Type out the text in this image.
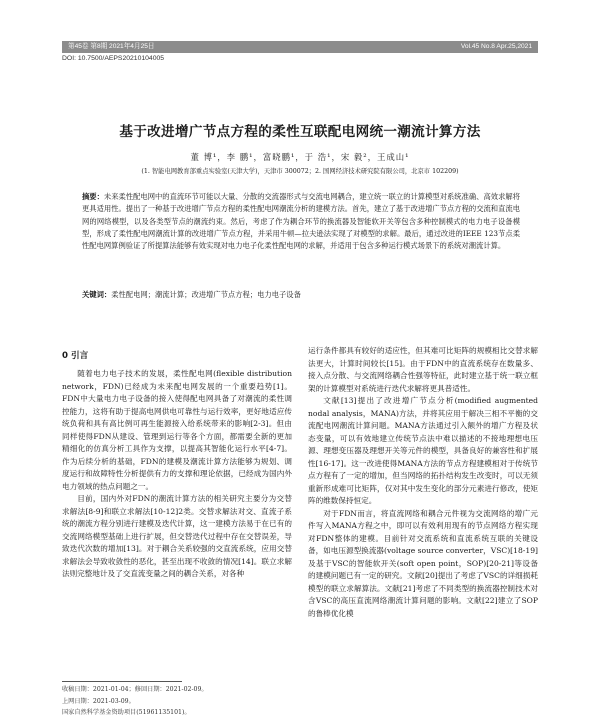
第45卷 第8期 2021年4月25日	Vol.45 No.8 Apr.25,2021
DOI: 10.7500/AEPS20210104005
基于改进增广节点方程的柔性互联配电网统一潮流计算方法
董 博¹，李 鹏¹，富晓鹏¹，于 浩¹，宋 毅²，王成山¹
(1. 智能电网教育部重点实验室(天津大学)，天津市 300072；2. 国网经济技术研究院有限公司，北京市 102209)
摘要：未来柔性配电网中的直流环节可能以大量、分散的交流器形式与交流电网耦合，建立统一联立的计算模型对系统准确、高效求解将更具适用性。提出了一种基于改进增广节点方程的柔性配电网潮流分析的建模方法。首先，建立了基于改进增广节点方程的交流和直流电网的网络模型，以及各类型节点的潮流约束。然后，考虑了作为耦合环节的换流器及智能软开关等包含多种控制模式的电力电子设备模型，形成了柔性配电网潮流计算的改进增广节点方程，并采用牛顿—拉夫逊法实现了对模型的求解。最后，通过改进的IEEE 123节点柔性配电网算例验证了所提算法能够有效实现对电力电子化柔性配电网的求解，并适用于包含多种运行模式场景下的系统对潮流计算。
关键词：柔性配电网；潮流计算；改进增广节点方程；电力电子设备
0 引言

随着电力电子技术的发展，柔性配电网(flexible distribution network，FDN)已经成为未来配电网发展的一个重要趋势[1]。FDN中大量电力电子设备的接入使得配电网具备了对潮流的柔性调控能力，这将有助于提高电网供电可靠性与运行效率，更好地适应传统负荷和具有高比例可再生能源接入给系统带来的影响[2-3]。但由同样使得FDN从建设、管理到运行等各个方面，都需要全新的更加精细化的仿真分析工具作为支撑，以提高其智能化运行水平[4-7]。作为后续分析的基础，FDN的建模及潮流计算方法能够为规划、调度运行和故障特性分析提供有力的支撑和理论依据，已经成为国内外电力领域的热点问题之一。

目前，国内外对FDN的潮流计算方法的相关研究主要分为交替求解法[8-9]和联立求解法[10-12]2类。交替求解法对交、直流子系统的潮流方程分别进行建模及迭代计算，这一建模方法易于在已有的交流网络模型基础上进行扩展，但交替迭代过程中存在交替误差，导致迭代次数的增加[13]。对于耦合关系较强的交直流系统，应用交替求解法会导致收敛性的恶化，甚至出现不收敛的情况[14]。联立求解法则完整地计及了交直流变量之间的耦合关系，对各种

运行条件都具有较好的适应性，但其难可比矩阵的规模相比交替求解法更大，计算时间较长[15]。由于FDN中的直流系统存在数量多、接入点分散、与交流网络耦合性强等特征，此时建立基于统一联立框架的计算模型对系统进行迭代求解将更具普适性。

文献[13]提出了改进增广节点分析(modified augmented nodal analysis，MANA)方法，并将其应用于解决三相不平衡的交流配电网潮流计算问题。MANA方法通过引入额外的增广方程及状态变量，可以有效地建立传统节点法中难以描述的不接地理想电压源、理想变压器及理想开关等元件的模型，具备良好的兼容性和扩展性[16-17]。这一改进使得MANA方法的节点方程建模相对于传统节点方程有了一定的增加，但当网络的拓扑结构发生改变时，可以无须重新形成难可比矩阵，仅对其中发生变化的部分元素进行修改，使矩阵的维数保持恒定。

对于FDN而言，将直流网络和耦合元件视为交流网络的增广元件写入MANA方程之中，即可以有效利用现有的节点网络方程实现对FDN整体的建模。目前针对交流系统和直流系统互联的关键设备，如电压源型换流器(voltage source converter，VSC)[18-19]及基于VSC的智能软开关(soft open point，SOP)[20-21]等设备的建模问题已有一定的研究。文献[20]提出了考虑了VSC的详细损耗模型的联立求解算法。文献[21]考虑了不同类型的换流器控制技术对含VSC的高压直流网络潮流计算问题的影响。文献[22]建立了SOP的鲁棒优化模

收稿日期：2021-01-04；修回日期：2021-02-09。
上网日期：2021-03-09。
国家自然科学基金资助项目(51961135101)。
